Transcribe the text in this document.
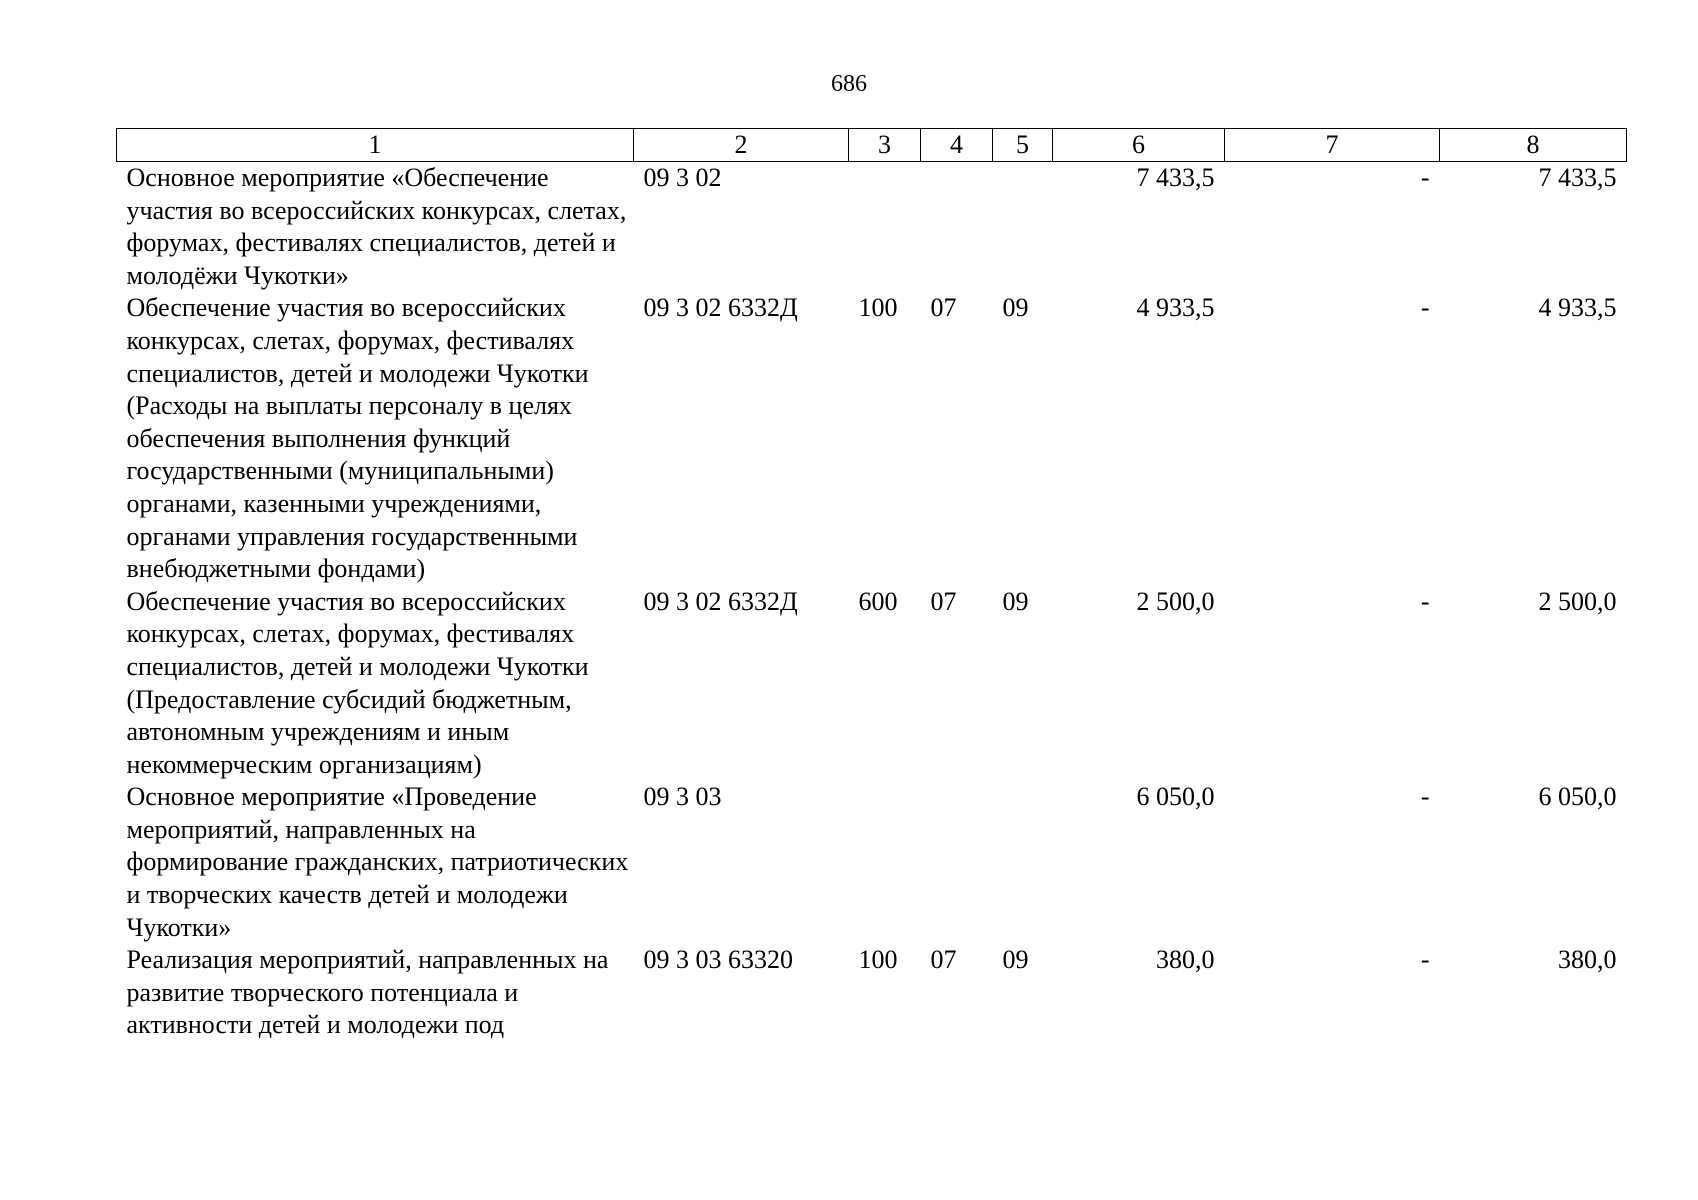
686
1	2	3	4	5	6	7	8
Основное мероприятие «Обеспечение участия во всероссийских конкурсах, слетах, форумах, фестивалях специалистов, детей и молодёжи Чукотки»	09 3 02				7 433,5	-	7 433,5
Обеспечение участия во всероссийских конкурсах, слетах, форумах, фестивалях специалистов, детей и молодежи Чукотки (Расходы на выплаты персоналу в целях обеспечения выполнения функций государственными (муниципальными) органами, казенными учреждениями, органами управления государственными внебюджетными фондами)	09 3 02 6332Д	100	07	09	4 933,5	-	4 933,5
Обеспечение участия во всероссийских конкурсах, слетах, форумах, фестивалях специалистов, детей и молодежи Чукотки (Предоставление субсидий бюджетным, автономным учреждениям и иным некоммерческим организациям)	09 3 02 6332Д	600	07	09	2 500,0	-	2 500,0
Основное мероприятие «Проведение мероприятий, направленных на формирование гражданских, патриотических и творческих качеств детей и молодежи Чукотки»	09 3 03				6 050,0	-	6 050,0
Реализация мероприятий, направленных на развитие творческого потенциала и активности детей и молодежи под	09 3 03 63320	100	07	09	380,0	-	380,0
